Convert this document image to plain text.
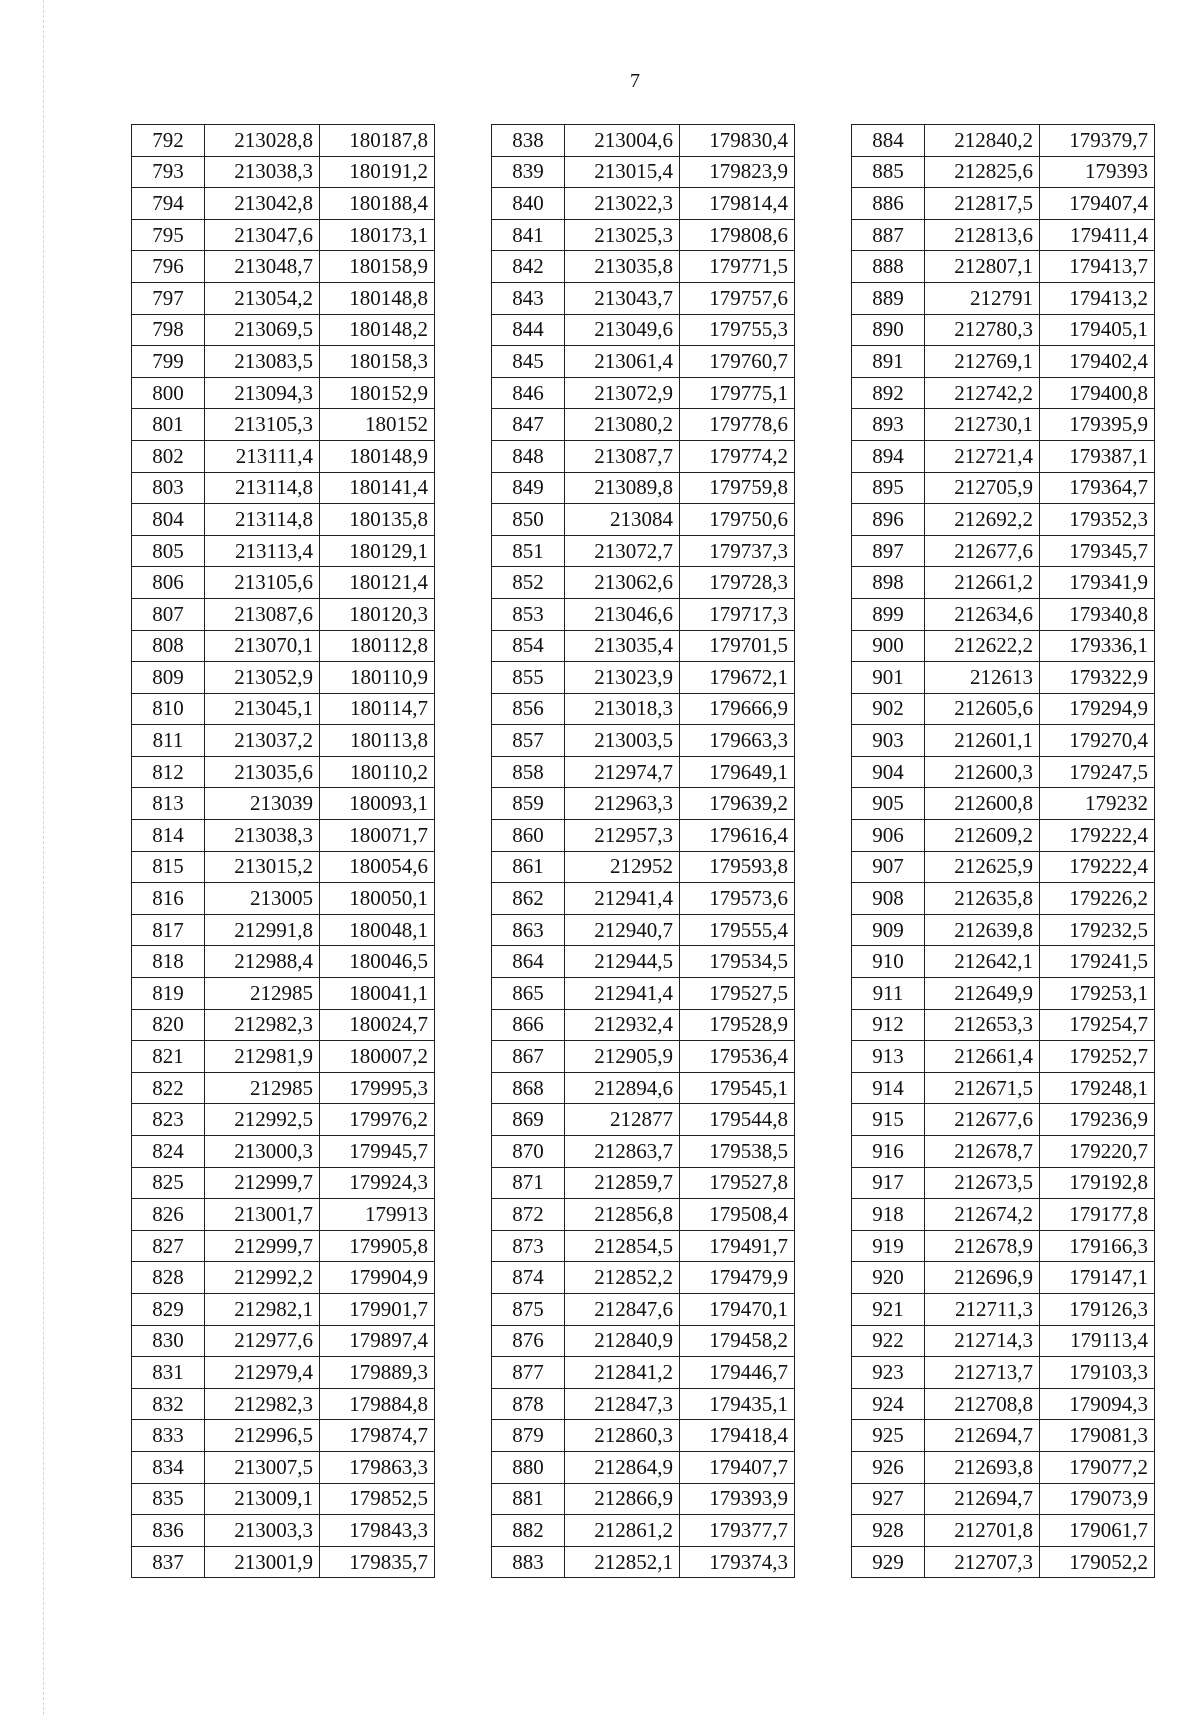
7
792	213028,8	180187,8
793	213038,3	180191,2
794	213042,8	180188,4
795	213047,6	180173,1
796	213048,7	180158,9
797	213054,2	180148,8
798	213069,5	180148,2
799	213083,5	180158,3
800	213094,3	180152,9
801	213105,3	180152
802	213111,4	180148,9
803	213114,8	180141,4
804	213114,8	180135,8
805	213113,4	180129,1
806	213105,6	180121,4
807	213087,6	180120,3
808	213070,1	180112,8
809	213052,9	180110,9
810	213045,1	180114,7
811	213037,2	180113,8
812	213035,6	180110,2
813	213039	180093,1
814	213038,3	180071,7
815	213015,2	180054,6
816	213005	180050,1
817	212991,8	180048,1
818	212988,4	180046,5
819	212985	180041,1
820	212982,3	180024,7
821	212981,9	180007,2
822	212985	179995,3
823	212992,5	179976,2
824	213000,3	179945,7
825	212999,7	179924,3
826	213001,7	179913
827	212999,7	179905,8
828	212992,2	179904,9
829	212982,1	179901,7
830	212977,6	179897,4
831	212979,4	179889,3
832	212982,3	179884,8
833	212996,5	179874,7
834	213007,5	179863,3
835	213009,1	179852,5
836	213003,3	179843,3
837	213001,9	179835,7
838	213004,6	179830,4
839	213015,4	179823,9
840	213022,3	179814,4
841	213025,3	179808,6
842	213035,8	179771,5
843	213043,7	179757,6
844	213049,6	179755,3
845	213061,4	179760,7
846	213072,9	179775,1
847	213080,2	179778,6
848	213087,7	179774,2
849	213089,8	179759,8
850	213084	179750,6
851	213072,7	179737,3
852	213062,6	179728,3
853	213046,6	179717,3
854	213035,4	179701,5
855	213023,9	179672,1
856	213018,3	179666,9
857	213003,5	179663,3
858	212974,7	179649,1
859	212963,3	179639,2
860	212957,3	179616,4
861	212952	179593,8
862	212941,4	179573,6
863	212940,7	179555,4
864	212944,5	179534,5
865	212941,4	179527,5
866	212932,4	179528,9
867	212905,9	179536,4
868	212894,6	179545,1
869	212877	179544,8
870	212863,7	179538,5
871	212859,7	179527,8
872	212856,8	179508,4
873	212854,5	179491,7
874	212852,2	179479,9
875	212847,6	179470,1
876	212840,9	179458,2
877	212841,2	179446,7
878	212847,3	179435,1
879	212860,3	179418,4
880	212864,9	179407,7
881	212866,9	179393,9
882	212861,2	179377,7
883	212852,1	179374,3
884	212840,2	179379,7
885	212825,6	179393
886	212817,5	179407,4
887	212813,6	179411,4
888	212807,1	179413,7
889	212791	179413,2
890	212780,3	179405,1
891	212769,1	179402,4
892	212742,2	179400,8
893	212730,1	179395,9
894	212721,4	179387,1
895	212705,9	179364,7
896	212692,2	179352,3
897	212677,6	179345,7
898	212661,2	179341,9
899	212634,6	179340,8
900	212622,2	179336,1
901	212613	179322,9
902	212605,6	179294,9
903	212601,1	179270,4
904	212600,3	179247,5
905	212600,8	179232
906	212609,2	179222,4
907	212625,9	179222,4
908	212635,8	179226,2
909	212639,8	179232,5
910	212642,1	179241,5
911	212649,9	179253,1
912	212653,3	179254,7
913	212661,4	179252,7
914	212671,5	179248,1
915	212677,6	179236,9
916	212678,7	179220,7
917	212673,5	179192,8
918	212674,2	179177,8
919	212678,9	179166,3
920	212696,9	179147,1
921	212711,3	179126,3
922	212714,3	179113,4
923	212713,7	179103,3
924	212708,8	179094,3
925	212694,7	179081,3
926	212693,8	179077,2
927	212694,7	179073,9
928	212701,8	179061,7
929	212707,3	179052,2
